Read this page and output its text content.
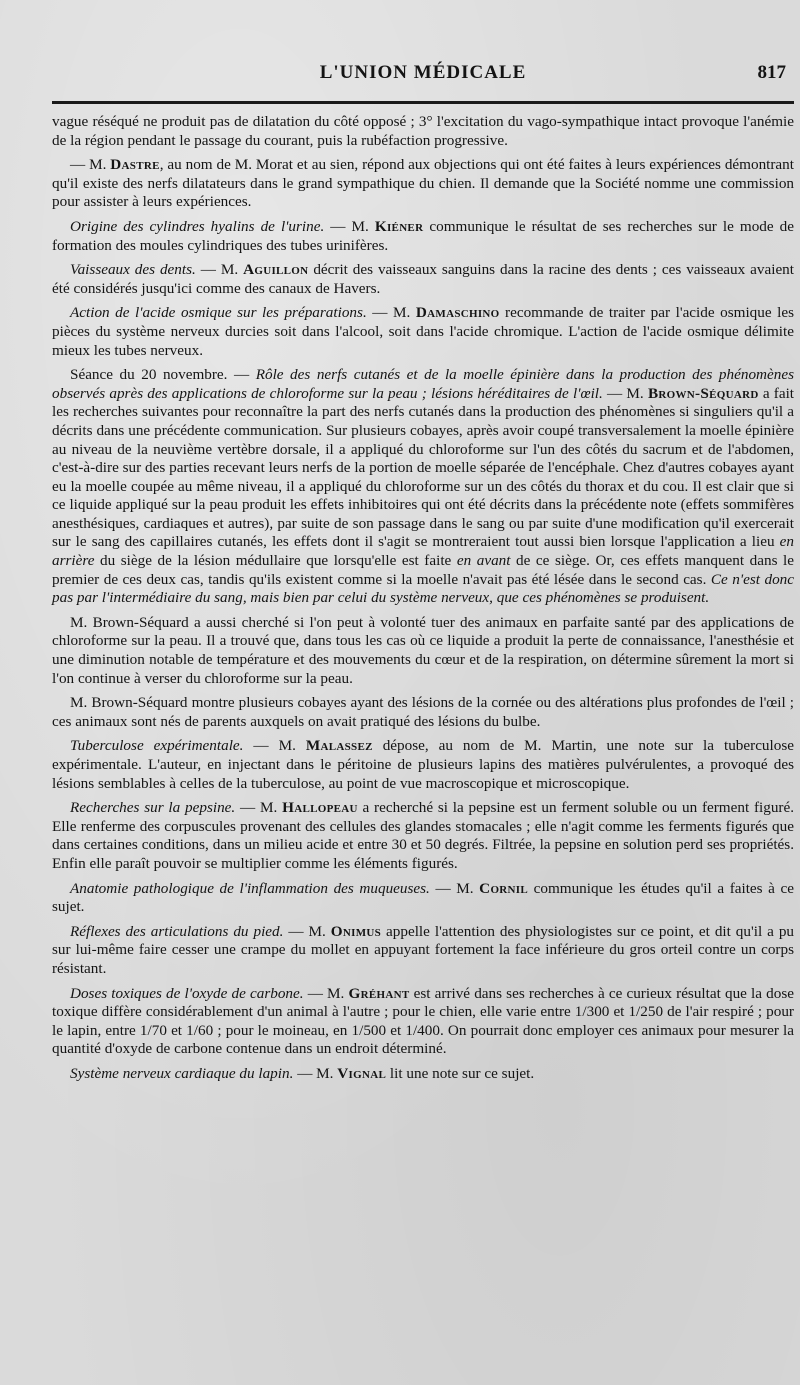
L'UNION MÉDICALE	817

vague réséqué ne produit pas de dilatation du côté opposé ; 3° l'excitation du vago-sympathique intact provoque l'anémie de la région pendant le passage du courant, puis la rubéfaction progressive.

— M. Dastre, au nom de M. Morat et au sien, répond aux objections qui ont été faites à leurs expériences démontrant qu'il existe des nerfs dilatateurs dans le grand sympathique du chien. Il demande que la Société nomme une commission pour assister à leurs expériences.

Origine des cylindres hyalins de l'urine. — M. Kiéner communique le résultat de ses recherches sur le mode de formation des moules cylindriques des tubes urinifères.

Vaisseaux des dents. — M. Aguillon décrit des vaisseaux sanguins dans la racine des dents ; ces vaisseaux avaient été considérés jusqu'ici comme des canaux de Havers.

Action de l'acide osmique sur les préparations. — M. Damaschino recommande de traiter par l'acide osmique les pièces du système nerveux durcies soit dans l'alcool, soit dans l'acide chromique. L'action de l'acide osmique délimite mieux les tubes nerveux.

Séance du 20 novembre. — Rôle des nerfs cutanés et de la moelle épinière dans la production des phénomènes observés après des applications de chloroforme sur la peau ; lésions héréditaires de l'œil. — M. Brown-Séquard a fait les recherches suivantes pour reconnaître la part des nerfs cutanés dans la production des phénomènes si singuliers qu'il a décrits dans une précédente communication. Sur plusieurs cobayes, après avoir coupé transversalement la moelle épinière au niveau de la neuvième vertèbre dorsale, il a appliqué du chloroforme sur l'un des côtés du sacrum et de l'abdomen, c'est-à-dire sur des parties recevant leurs nerfs de la portion de moelle séparée de l'encéphale. Chez d'autres cobayes ayant eu la moelle coupée au même niveau, il a appliqué du chloroforme sur un des côtés du thorax et du cou. Il est clair que si ce liquide appliqué sur la peau produit les effets inhibitoires qui ont été décrits dans la précédente note (effets sommifères anesthésiques, cardiaques et autres), par suite de son passage dans le sang ou par suite d'une modification qu'il exercerait sur le sang des capillaires cutanés, les effets dont il s'agit se montreraient tout aussi bien lorsque l'application a lieu en arrière du siège de la lésion médullaire que lorsqu'elle est faite en avant de ce siège. Or, ces effets manquent dans le premier de ces deux cas, tandis qu'ils existent comme si la moelle n'avait pas été lésée dans le second cas. Ce n'est donc pas par l'intermédiaire du sang, mais bien par celui du système nerveux, que ces phénomènes se produisent.

M. Brown-Séquard a aussi cherché si l'on peut à volonté tuer des animaux en parfaite santé par des applications de chloroforme sur la peau. Il a trouvé que, dans tous les cas où ce liquide a produit la perte de connaissance, l'anesthésie et une diminution notable de température et des mouvements du cœur et de la respiration, on détermine sûrement la mort si l'on continue à verser du chloroforme sur la peau.

M. Brown-Séquard montre plusieurs cobayes ayant des lésions de la cornée ou des altérations plus profondes de l'œil ; ces animaux sont nés de parents auxquels on avait pratiqué des lésions du bulbe.

Tuberculose expérimentale. — M. Malassez dépose, au nom de M. Martin, une note sur la tuberculose expérimentale. L'auteur, en injectant dans le péritoine de plusieurs lapins des matières pulvérulentes, a provoqué des lésions semblables à celles de la tuberculose, au point de vue macroscopique et microscopique.

Recherches sur la pepsine. — M. Hallopeau a recherché si la pepsine est un ferment soluble ou un ferment figuré. Elle renferme des corpuscules provenant des cellules des glandes stomacales ; elle n'agit comme les ferments figurés que dans certaines conditions, dans un milieu acide et entre 30 et 50 degrés. Filtrée, la pepsine en solution perd ses propriétés. Enfin elle paraît pouvoir se multiplier comme les éléments figurés.

Anatomie pathologique de l'inflammation des muqueuses. — M. Cornil communique les études qu'il a faites à ce sujet.

Réflexes des articulations du pied. — M. Onimus appelle l'attention des physiologistes sur ce point, et dit qu'il a pu sur lui-même faire cesser une crampe du mollet en appuyant fortement la face inférieure du gros orteil contre un corps résistant.

Doses toxiques de l'oxyde de carbone. — M. Gréhant est arrivé dans ses recherches à ce curieux résultat que la dose toxique diffère considérablement d'un animal à l'autre ; pour le chien, elle varie entre 1/300 et 1/250 de l'air respiré ; pour le lapin, entre 1/70 et 1/60 ; pour le moineau, en 1/500 et 1/400. On pourrait donc employer ces animaux pour mesurer la quantité d'oxyde de carbone contenue dans un endroit déterminé.

Système nerveux cardiaque du lapin. — M. Vignal lit une note sur ce sujet.
